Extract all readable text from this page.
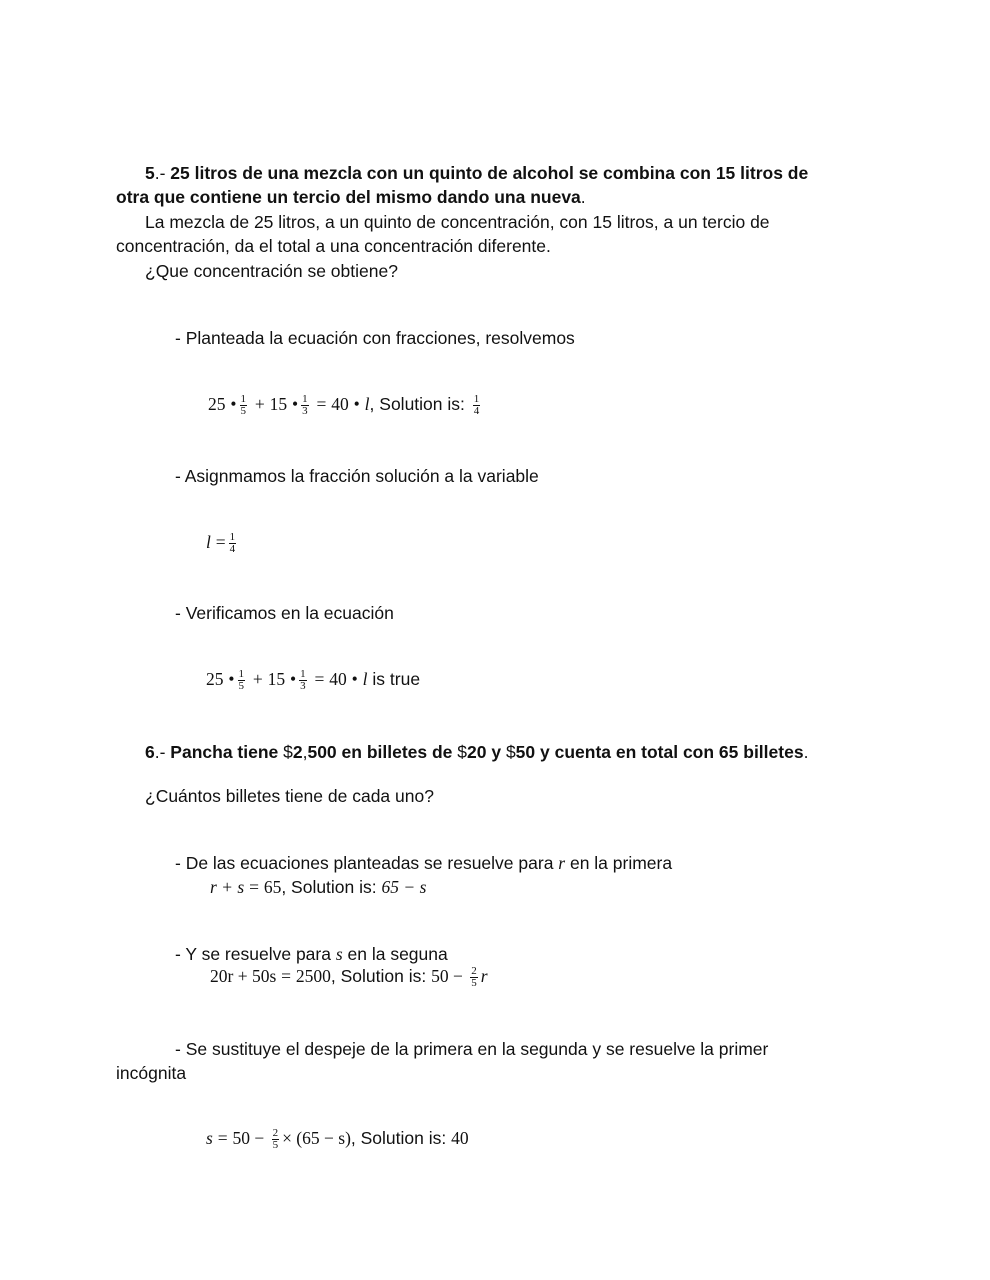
5.- 25 litros de una mezcla con un quinto de alcohol se combina con 15 litros de
otra que contiene un tercio del mismo dando una nueva.
La mezcla de 25 litros, a un quinto de concentración, con 15 litros, a un tercio de
concentración, da el total a una concentración diferente.
¿Que concentración se obtiene?
- Planteada la ecuación con fracciones, resolvemos
25 • $\frac{1}{5} + 15$ • $\frac{1}{3} = 40$ • l, Solution is: $\frac{1}{4}$
- Asignmamos la fracción solución a la variable
$l = \frac{1}{4}$
- Verificamos en la ecuación
25 • $\frac{1}{5} + 15$ • $\frac{1}{3} = 40$ • l is true
6.- Pancha tiene $2,500 en billetes de $20 y $50 y cuenta en total con 65 billetes.
¿Cuántos billetes tiene de cada uno?
- De las ecuaciones planteadas se resuelve para r en la primera
r + s = 65, Solution is: 65 − s
- Y se resuelve para s en la seguna
20r + 50s = 2500, Solution is: $50 - \frac{2}{5}$ r
- Se sustituye el despeje de la primera en la segunda y se resuelve la primer
incógnita
$s = 50 - \frac{2}{5} \times (65 - s)$, Solution is: 40
